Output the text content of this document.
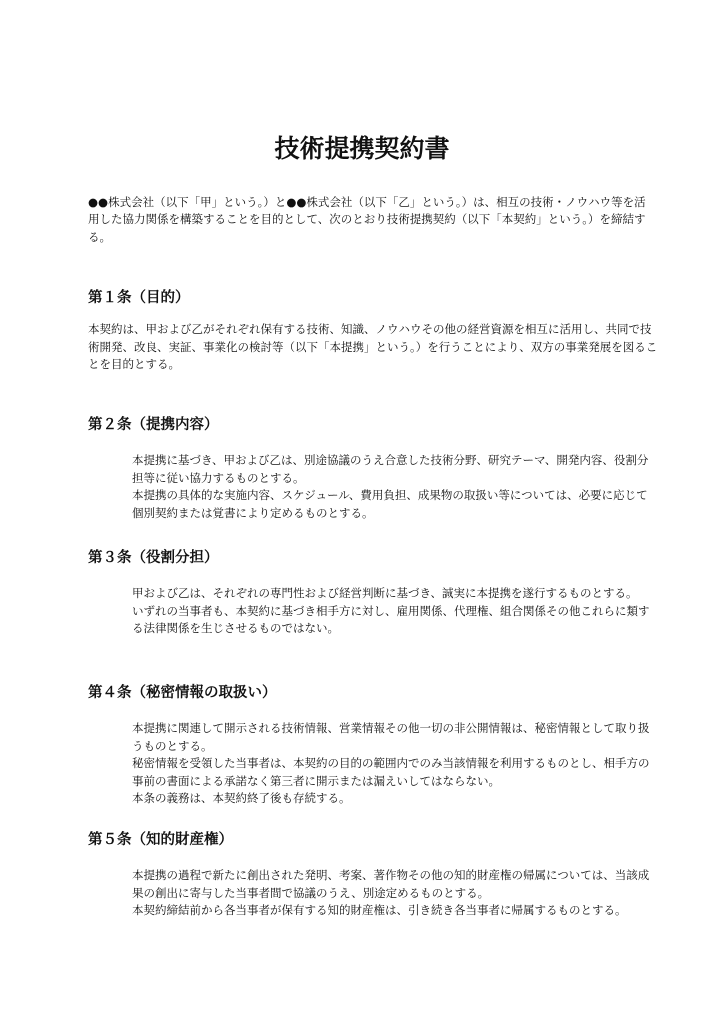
技術提携契約書

●●株式会社（以下「甲」という。）と●●株式会社（以下「乙」という。）は、相互の技術・ノウハウ等を活用した協力関係を構築することを目的として、次のとおり技術提携契約（以下「本契約」という。）を締結する。

第１条（目的）
本契約は、甲および乙がそれぞれ保有する技術、知識、ノウハウその他の経営資源を相互に活用し、共同で技術開発、改良、実証、事業化の検討等（以下「本提携」という。）を行うことにより、双方の事業発展を図ることを目的とする。
第２条（提携内容）
本提携に基づき、甲および乙は、別途協議のうえ合意した技術分野、研究テーマ、開発内容、役割分担等に従い協力するものとする。
本提携の具体的な実施内容、スケジュール、費用負担、成果物の取扱い等については、必要に応じて個別契約または覚書により定めるものとする。
第３条（役割分担）
甲および乙は、それぞれの専門性および経営判断に基づき、誠実に本提携を遂行するものとする。
いずれの当事者も、本契約に基づき相手方に対し、雇用関係、代理権、組合関係その他これらに類する法律関係を生じさせるものではない。
第４条（秘密情報の取扱い）
本提携に関連して開示される技術情報、営業情報その他一切の非公開情報は、秘密情報として取り扱うものとする。
秘密情報を受領した当事者は、本契約の目的の範囲内でのみ当該情報を利用するものとし、相手方の事前の書面による承諾なく第三者に開示または漏えいしてはならない。
本条の義務は、本契約終了後も存続する。
第５条（知的財産権）
本提携の過程で新たに創出された発明、考案、著作物その他の知的財産権の帰属については、当該成果の創出に寄与した当事者間で協議のうえ、別途定めるものとする。
本契約締結前から各当事者が保有する知的財産権は、引き続き各当事者に帰属するものとする。
